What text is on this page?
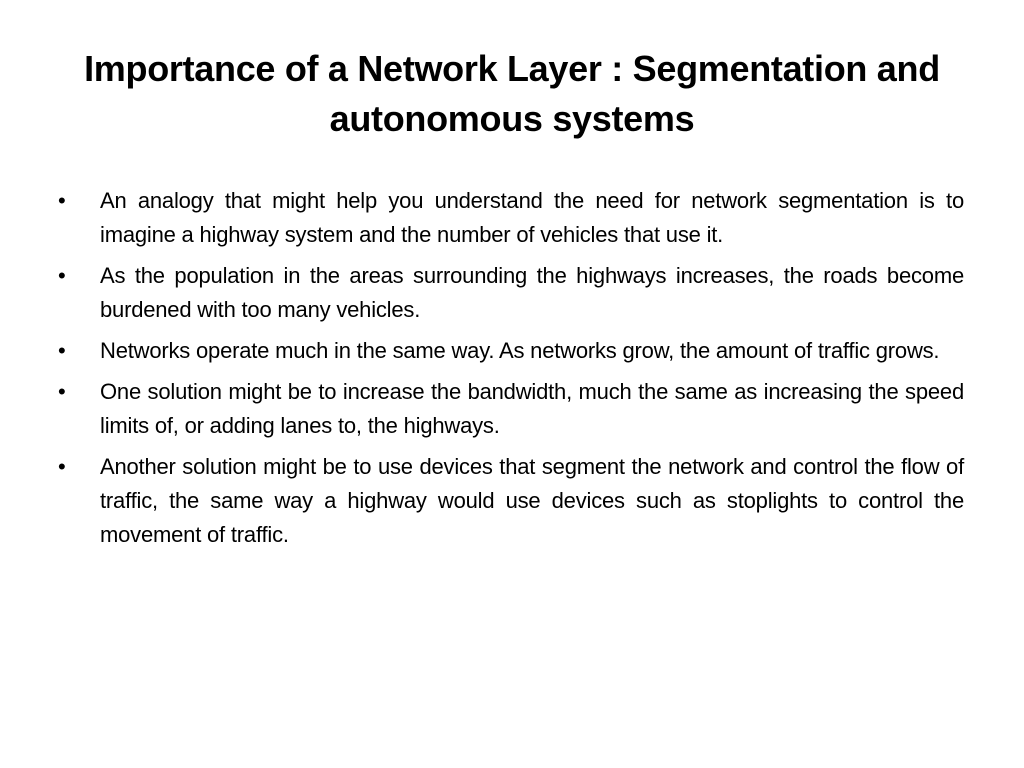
Importance of a Network Layer : Segmentation and autonomous systems
•	An analogy that might help you understand the need for network segmentation is to imagine a highway system and the number of vehicles that use it.
•	As the population in the areas surrounding the highways increases, the roads become burdened with too many vehicles.
•	Networks operate much in the same way. As networks grow, the amount of traffic grows.
•	One solution might be to increase the bandwidth, much the same as increasing the speed limits of, or adding lanes to, the highways.
•	Another solution might be to use devices that segment the network and control the flow of traffic, the same way a highway would use devices such as stoplights to control the movement of traffic.
